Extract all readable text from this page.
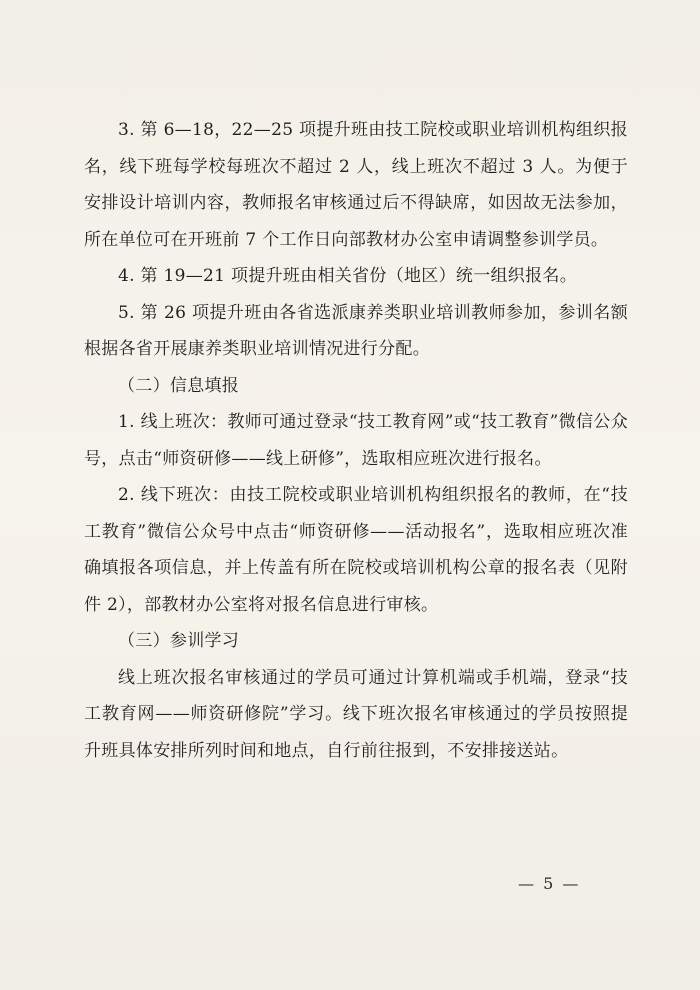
3. 第 6—18，22—25 项提升班由技工院校或职业培训机构组织报名，线下班每学校每班次不超过 2 人，线上班次不超过 3 人。为便于安排设计培训内容，教师报名审核通过后不得缺席，如因故无法参加，所在单位可在开班前 7 个工作日向部教材办公室申请调整参训学员。

4. 第 19—21 项提升班由相关省份（地区）统一组织报名。

5. 第 26 项提升班由各省选派康养类职业培训教师参加，参训名额根据各省开展康养类职业培训情况进行分配。

（二）信息填报

1. 线上班次：教师可通过登录“技工教育网”或“技工教育”微信公众号，点击“师资研修——线上研修”，选取相应班次进行报名。

2. 线下班次：由技工院校或职业培训机构组织报名的教师，在“技工教育”微信公众号中点击“师资研修——活动报名”，选取相应班次准确填报各项信息，并上传盖有所在院校或培训机构公章的报名表（见附件 2），部教材办公室将对报名信息进行审核。

（三）参训学习

线上班次报名审核通过的学员可通过计算机端或手机端，登录“技工教育网——师资研修院”学习。线下班次报名审核通过的学员按照提升班具体安排所列时间和地点，自行前往报到，不安排接送站。

— 5 —
